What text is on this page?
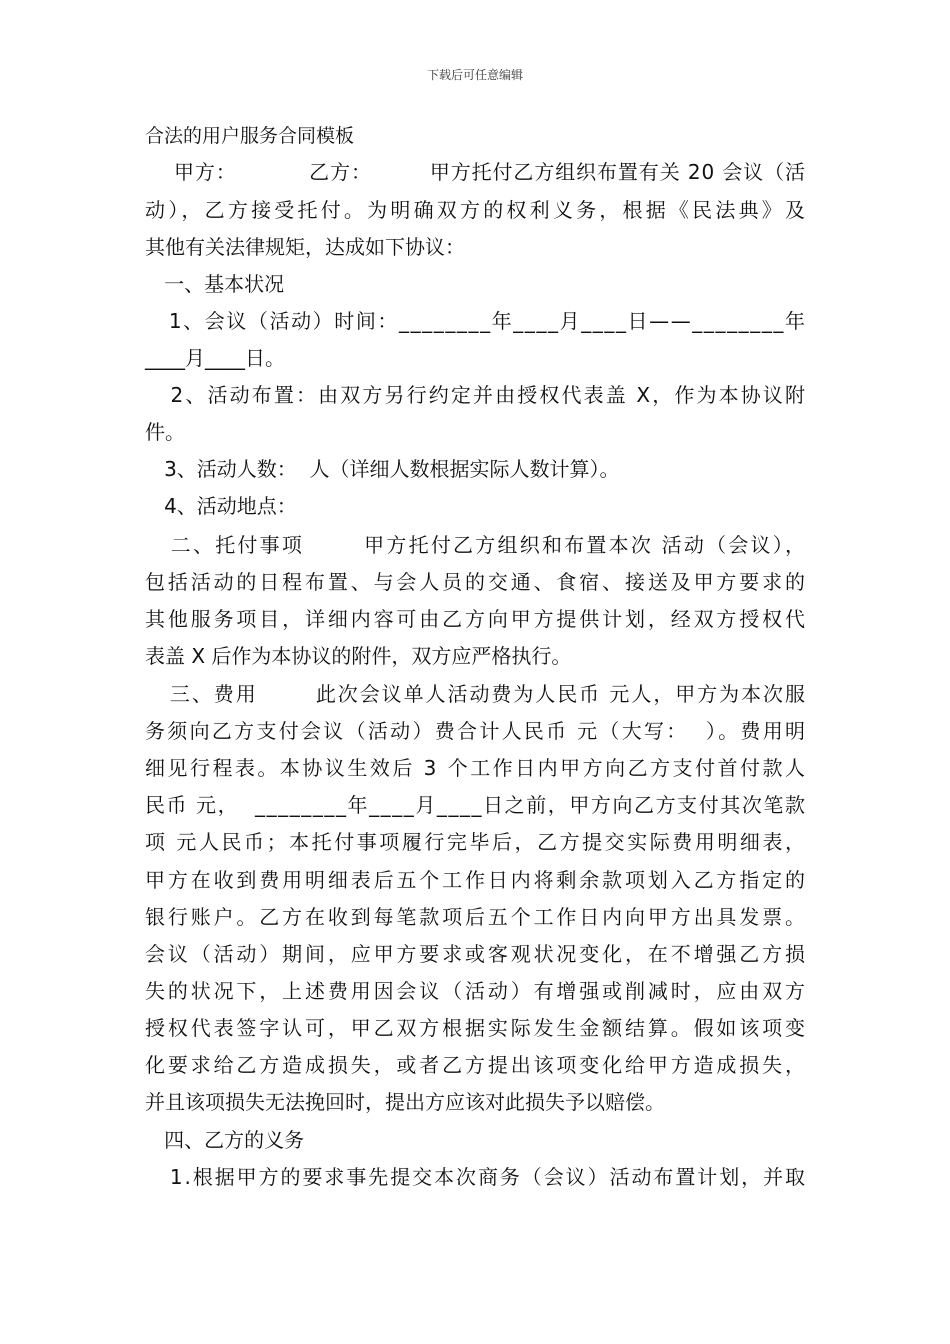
下载后可任意编辑
合法的用户服务合同模板
甲方：          乙方：        甲方托付乙方组织布置有关 20 会议（活
动），乙方接受托付。为明确双方的权利义务，根据《民法典》及
其他有关法律规矩，达成如下协议：
一、基本状况
1、会议（活动）时间：________年____月____日——________年
____月____日。
2、活动布置：由双方另行约定并由授权代表盖 X，作为本协议附
件。
3、活动人数：  人（详细人数根据实际人数计算）。
4、活动地点：
二、托付事项       甲方托付乙方组织和布置本次 活动（会议），
包括活动的日程布置、与会人员的交通、食宿、接送及甲方要求的
其他服务项目，详细内容可由乙方向甲方提供计划，经双方授权代
表盖 X 后作为本协议的附件，双方应严格执行。
三、费用       此次会议单人活动费为人民币 元人，甲方为本次服
务须向乙方支付会议（活动）费合计人民币 元（大写：  ）。费用明
细见行程表。本协议生效后 3 个工作日内甲方向乙方支付首付款人
民币 元，  ________年____月____日之前，甲方向乙方支付其次笔款
项 元人民币；本托付事项履行完毕后，乙方提交实际费用明细表，
甲方在收到费用明细表后五个工作日内将剩余款项划入乙方指定的
银行账户。乙方在收到每笔款项后五个工作日内向甲方出具发票。
会议（活动）期间，应甲方要求或客观状况变化，在不增强乙方损
失的状况下，上述费用因会议（活动）有增强或削减时，应由双方
授权代表签字认可，甲乙双方根据实际发生金额结算。假如该项变
化要求给乙方造成损失，或者乙方提出该项变化给甲方造成损失，
并且该项损失无法挽回时，提出方应该对此损失予以赔偿。
四、乙方的义务
1.根据甲方的要求事先提交本次商务（会议）活动布置计划，并取
